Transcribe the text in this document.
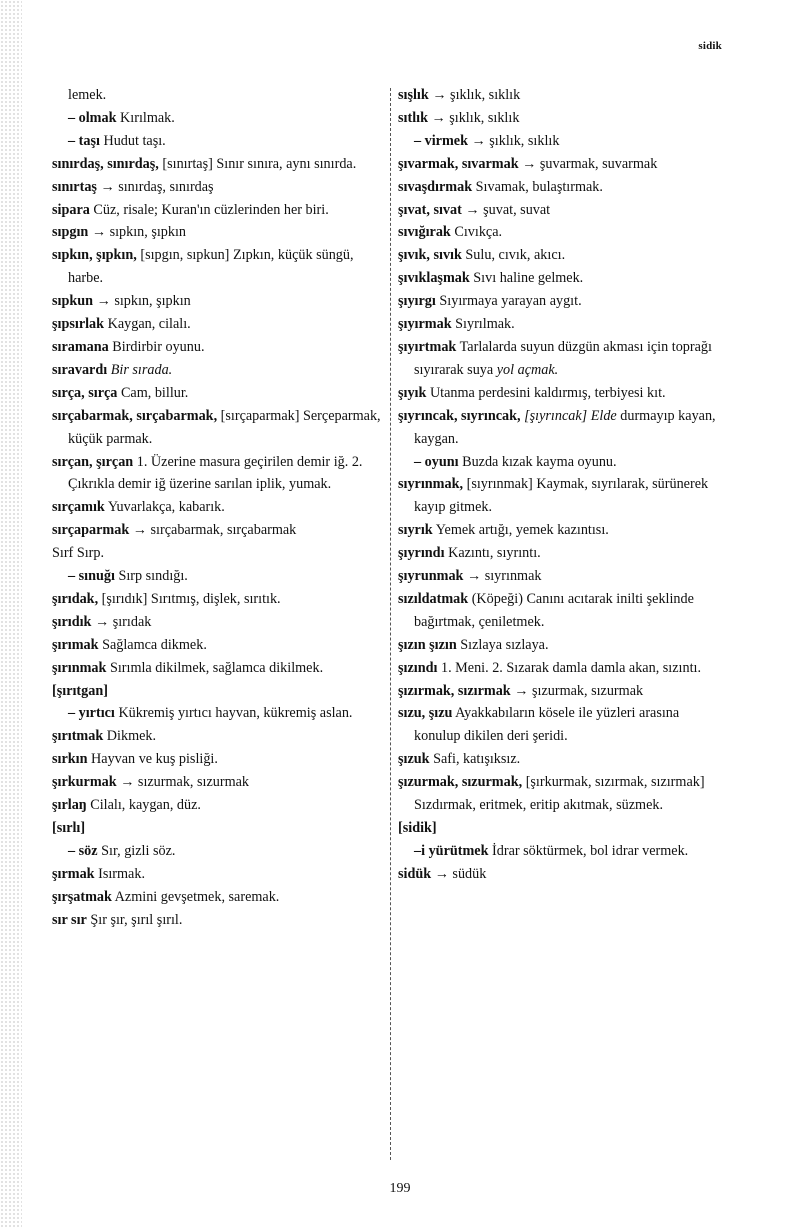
sidik

lemek.

– olmak Kırılmak.

– taşı Hudut taşı.

sınırdaş, sınırdaş, [sınırtaş] Sınır sınıra, aynı sınırda.

sınırtaş → sınırdaş, sınırdaş

sipara Cüz, risale; Kuran'ın cüzlerinden her biri.

sıpgın → sıpkın, şıpkın

sıpkın, şıpkın, [sıpgın, sıpkun] Zıpkın, küçük süngü, harbe.

sıpkun → sıpkın, şıpkın

şıpsırlak Kaygan, cilalı.

sıramana Birdirbir oyunu.

sıravardı Bir sırada.

sırça, sırça Cam, billur.

sırçabarmak, sırçabarmak, [sırçaparmak] Serçeparmak, küçük parmak.

sırçan, şırçan 1. Üzerine masura geçirilen demir iğ. 2. Çıkrıkla demir iğ üzerine sarılan iplik, yumak.

sırçamık Yuvarlakça, kabarık.

sırçaparmak → sırçabarmak, sırçabarmak

Sırf Sırp.

– sınuğı Sırp sındığı.

şırıdak, [şırıdık] Sırıtmış, dişlek, sırıtık.

şırıdık → şırıdak

şırımak Sağlamca dikmek.

şırınmak Sırımla dikilmek, sağlamca dikilmek.

[şırıtgan]

– yırtıcı Kükremiş yırtıcı hayvan, kükremiş aslan.

şırıtmak Dikmek.

sırkın Hayvan ve kuş pisliği.

şırkurmak → sızurmak, sızurmak

şırlaŋ Cilalı, kaygan, düz.

[sırlı]

– söz Sır, gizli söz.

şırmak Isırmak.

şırşatmak Azmini gevşetmek, saremak.

sır sır Şır şır, şırıl şırıl.

sışlık → şıklık, sıklık

sıtlık → şıklık, sıklık

– virmek → şıklık, sıklık

şıvarmak, sıvarmak → şuvarmak, suvarmak

sıvaşdırmak Sıvamak, bulaştırmak.

şıvat, sıvat → şuvat, suvat

sıvığırak Cıvıkça.

şıvık, sıvık Sulu, cıvık, akıcı.

şıvıklaşmak Sıvı haline gelmek.

şıyırgı Sıyırmaya yarayan aygıt.

şıyırmak Sıyrılmak.

şıyırtmak Tarlalarda suyun düzgün akması için toprağı sıyırarak suya yol açmak.

şıyık Utanma perdesini kaldırmış, terbiyesi kıt.

şıyrıncak, sıyrıncak, [şıyrıncak] Elde durmayıp kayan, kaygan.

– oyunı Buzda kızak kayma oyunu.

sıyrınmak, [sıyrınmak] Kaymak, sıyrılarak, sürünerek kayıp gitmek.

sıyrık Yemek artığı, yemek kazıntısı.

şıyrındı Kazıntı, sıyrıntı.

şıyrunmak → sıyrınmak

sızıldatmak (Köpeği) Canını acıtarak inilti şeklinde bağırtmak, çeniletmek.

şızın şızın Sızlaya sızlaya.

şızındı 1. Meni. 2. Sızarak damla damla akan, sızıntı.

şızırmak, sızırmak → şızurmak, sızurmak

sızu, şızu Ayakkabıların kösele ile yüzleri arasına konulup dikilen deri şeridi.

şızuk Safi, katışıksız.

şızurmak, sızurmak, [şırkurmak, sızırmak, sızırmak] Sızdırmak, eritmek, eritip akıtmak, süzmek.

[sidik]

–i yürütmek İdrar söktürmek, bol idrar vermek.

sidük → südük

199
